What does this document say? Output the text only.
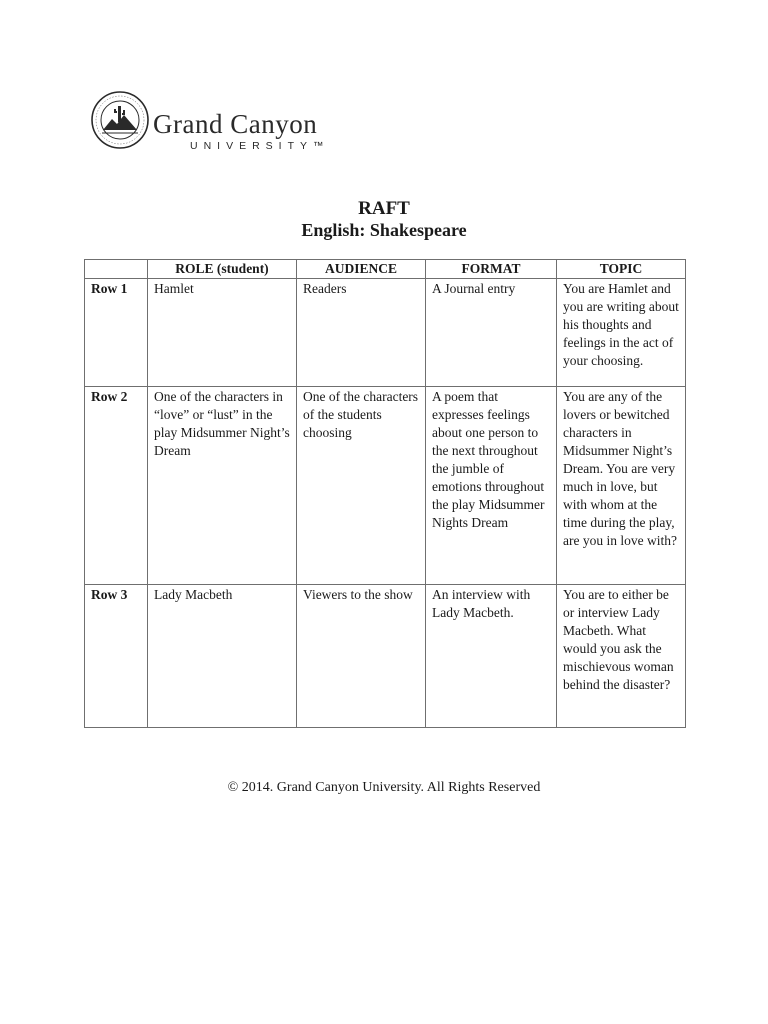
Grand Canyon
UNIVERSITY™
RAFT
English: Shakespeare
	ROLE (student)	AUDIENCE	FORMAT	TOPIC
Row 1	Hamlet	Readers	A Journal entry	You are Hamlet and you are writing about his thoughts and feelings in the act of your choosing.
Row 2	One of the characters in “love” or “lust” in the play Midsummer Night’s Dream	One of the characters of the students choosing	A poem that expresses feelings about one person to the next throughout the jumble of emotions throughout the play Midsummer Nights Dream	You are any of the lovers or bewitched characters in Midsummer Night’s Dream. You are very much in love, but with whom at the time during the play, are you in love with?
Row 3	Lady Macbeth	Viewers to the show	An interview with Lady Macbeth.	You are to either be or interview Lady Macbeth. What would you ask the mischievous woman behind the disaster?
© 2014. Grand Canyon University. All Rights Reserved
